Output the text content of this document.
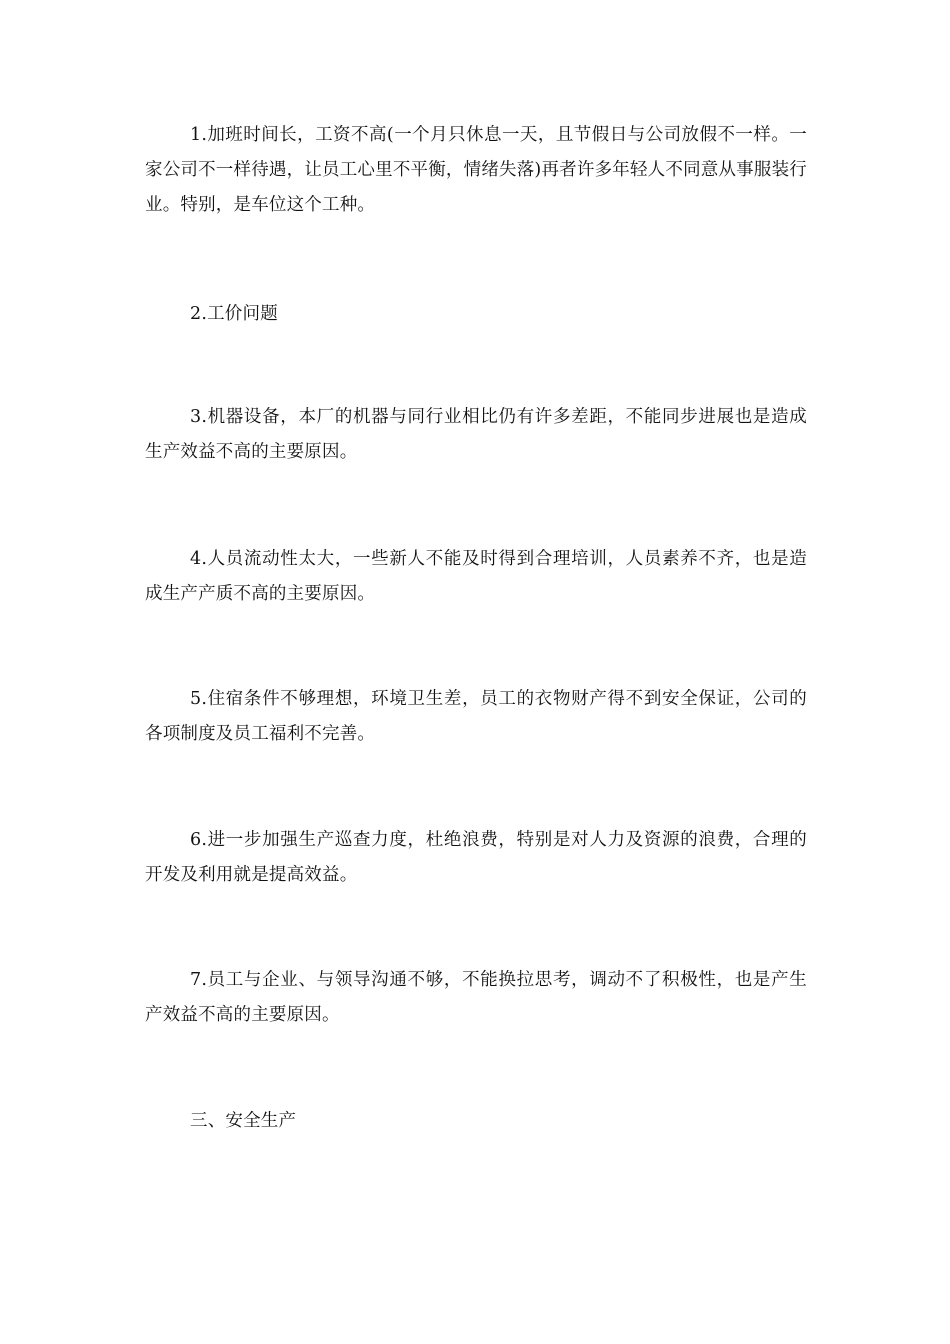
1.加班时间长，工资不高(一个月只休息一天，且节假日与公司放假不一样。一家公司不一样待遇，让员工心里不平衡，情绪失落)再者许多年轻人不同意从事服装行业。特别，是车位这个工种。

2.工价问题

3.机器设备，本厂的机器与同行业相比仍有许多差距，不能同步进展也是造成生产效益不高的主要原因。

4.人员流动性太大，一些新人不能及时得到合理培训，人员素养不齐，也是造成生产产质不高的主要原因。

5.住宿条件不够理想，环境卫生差，员工的衣物财产得不到安全保证，公司的各项制度及员工福利不完善。

6.进一步加强生产巡查力度，杜绝浪费，特别是对人力及资源的浪费，合理的开发及利用就是提高效益。

7.员工与企业、与领导沟通不够，不能换拉思考，调动不了积极性，也是产生产效益不高的主要原因。

三、安全生产
